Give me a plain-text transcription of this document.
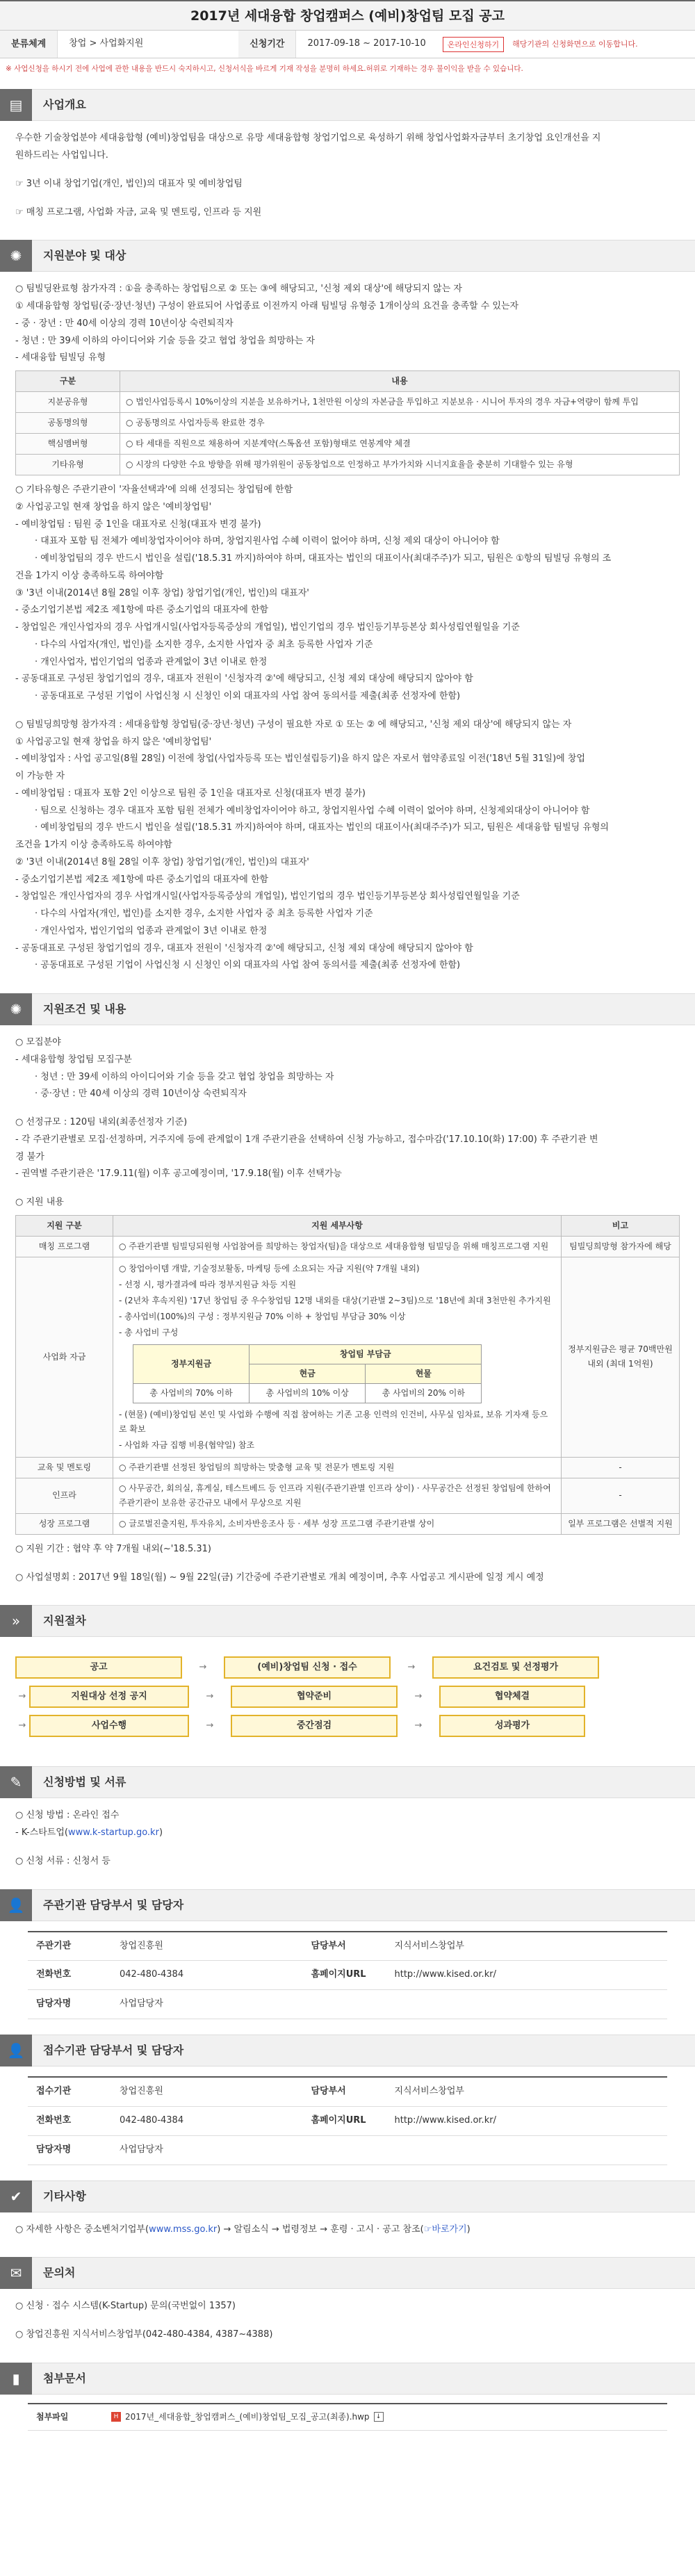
2017년 세대융합 창업캠퍼스 (예비)창업팀 모집 공고
분류체계	창업 > 사업화지원	신청기간	2017-09-18 ~ 2017-10-10	온라인신청하기	해당기관의 신청화면으로 이동합니다.
※ 사업신청을 하시기 전에 사업에 관한 내용을 반드시 숙지하시고, 신청서식을 바르게 기재 작성을 분명히 하세요.허위로 기재하는 경우 불이익을 받을 수 있습니다.
▤	사업개요

우수한 기술창업분야 세대융합형 (예비)창업팀을 대상으로 유망 세대융합형 창업기업으로 육성하기 위해 창업사업화자금부터 초기창업 요인개선을 지

원하드리는 사업입니다.

☞ 3년 이내 창업기업(개인, 법인)의 대표자 및 예비창업팀

☞ 매칭 프로그램, 사업화 자금, 교육 및 멘토링, 인프라 등 지원

✺	지원분야 및 대상

○ 팀빌딩완료형 참가자격 : ①을 충족하는 창업팀으로 ② 또는 ③에 해당되고, '신청 제외 대상'에 해당되지 않는 자

① 세대융합형 창업팀(중·장년·청년) 구성이 완료되어 사업종료 이전까지 아래 팀빌딩 유형중 1개이상의 요건을 충족할 수 있는자

- 중 · 장년 : 만 40세 이상의 경력 10년이상 숙련퇴직자

- 청년 : 만 39세 이하의 아이디어와 기술 등을 갖고 협업 창업을 희망하는 자

- 세대융합 팀빌딩 유형

구분	내용
지분공유형	○ 법인사업등록시 10%이상의 지분을 보유하거나, 1천만원 이상의 자본금을 투입하고 지분보유 · 시니어 투자의 경우 자금+역량이 함께 투입
공동명의형	○ 공동명의로 사업자등록 완료한 경우
핵심멤버형	○ 타 세대를 직원으로 채용하여 지분계약(스톡옵션 포함)형태로 연봉계약 체결
기타유형	○ 시장의 다양한 수요 방향을 위해 평가위원이 공동창업으로 인정하고 부가가치와 시너지효율을 충분히 기대할수 있는 유형

○ 기타유형은 주관기관이 '자율선택과'에 의해 선정되는 창업팀에 한함

② 사업공고일 현재 창업을 하지 않은 '예비창업팀'

- 예비창업팀 : 팀원 중 1인을 대표자로 신청(대표자 변경 불가)

· 대표자 포함 팀 전체가 예비창업자이어야 하며, 창업지원사업 수혜 이력이 없어야 하며, 신청 제외 대상이 아니어야 함

· 예비창업팀의 경우 반드시 법인을 설립('18.5.31 까지)하여야 하며, 대표자는 법인의 대표이사(최대주주)가 되고, 팀원은 ①항의 팀빌딩 유형의 조

건을 1가지 이상 충족하도록 하여야함

③ '3년 이내(2014년 8월 28일 이후 창업) 창업기업(개인, 법인)의 대표자'

- 중소기업기본법 제2조 제1항에 따른 중소기업의 대표자에 한함

- 창업일은 개인사업자의 경우 사업개시일(사업자등록증상의 개업일), 법인기업의 경우 법인등기부등본상 회사성립연월일을 기준

· 다수의 사업자(개인, 법인)를 소지한 경우, 소지한 사업자 중 최초 등록한 사업자 기준

· 개인사업자, 법인기업의 업종과 관계없이 3년 이내로 한정

- 공동대표로 구성된 창업기업의 경우, 대표자 전원이 '신청자격 ②'에 해당되고, 신청 제외 대상에 해당되지 않아야 함

· 공동대표로 구성된 기업이 사업신청 시 신청인 이외 대표자의 사업 참여 동의서를 제출(최종 선정자에 한함)

○ 팀빌딩희망형 참가자격 : 세대융합형 창업팀(중·장년·청년) 구성이 필요한 자로 ① 또는 ② 에 해당되고, '신청 제외 대상'에 해당되지 않는 자

① 사업공고일 현재 창업을 하지 않은 '예비창업팀'

- 예비창업자 : 사업 공고일(8월 28일) 이전에 창업(사업자등록 또는 법인설립등기)을 하지 않은 자로서 협약종료일 이전('18년 5월 31일)에 창업

이 가능한 자

- 예비창업팀 : 대표자 포함 2인 이상으로 팀원 중 1인을 대표자로 신청(대표자 변경 불가)

· 팀으로 신청하는 경우 대표자 포함 팀원 전체가 예비창업자이어야 하고, 창업지원사업 수혜 이력이 없어야 하며, 신청제외대상이 아니어야 함

· 예비창업팀의 경우 반드시 법인을 설립('18.5.31 까지)하여야 하며, 대표자는 법인의 대표이사(최대주주)가 되고, 팀원은 세대융합 팀빌딩 유형의

조건을 1가지 이상 충족하도록 하여야함

② '3년 이내(2014년 8월 28일 이후 창업) 창업기업(개인, 법인)의 대표자'

- 중소기업기본법 제2조 제1항에 따른 중소기업의 대표자에 한함

- 창업일은 개인사업자의 경우 사업개시일(사업자등록증상의 개업일), 법인기업의 경우 법인등기부등본상 회사성립연월일을 기준

· 다수의 사업자(개인, 법인)를 소지한 경우, 소지한 사업자 중 최초 등록한 사업자 기준

· 개인사업자, 법인기업의 업종과 관계없이 3년 이내로 한정

- 공동대표로 구성된 창업기업의 경우, 대표자 전원이 '신청자격 ②'에 해당되고, 신청 제외 대상에 해당되지 않아야 함

· 공동대표로 구성된 기업이 사업신청 시 신청인 이외 대표자의 사업 참여 동의서를 제출(최종 선정자에 한함)

✺	지원조건 및 내용

○ 모집분야

- 세대융합형 창업팀 모집구분

· 청년 : 만 39세 이하의 아이디어와 기술 등을 갖고 협업 창업을 희망하는 자

· 중·장년 : 만 40세 이상의 경력 10년이상 숙련퇴직자

○ 선정규모 : 120팀 내외(최종선정자 기준)

- 각 주관기관별로 모집·선정하며, 거주지에 등에 관계없이 1개 주관기관을 선택하여 신청 가능하고, 접수마감('17.10.10(화) 17:00) 후 주관기관 변

경 불가

- 권역별 주관기관은 '17.9.11(월) 이후 공고예정이며, '17.9.18(월) 이후 선택가능

○ 지원 내용

지원 구분	지원 세부사항	비고
매칭 프로그램	○ 주관기관별 팀빌딩되원형 사업참여를 희망하는 창업자(팀)을 대상으로 세대융합형 팀빌딩을 위해 매칭프로그램 지원	팀빌딩희망형 참가자에 해당
사업화 자금	

○ 창업아이템 개발, 기술정보활동, 마케팅 등에 소요되는 자금 지원(약 7개월 내외)

- 선정 시, 평가결과에 따라 정부지원금 차등 지원

- (2년차 후속지원) '17년 창업팀 중 우수창업팀 12명 내외를 대상(기관별 2~3팀)으로 '18년에 최대 3천만원 추가지원

- 총사업비(100%)의 구성 : 정부지원금 70% 이하 + 창업팀 부담금 30% 이상

- 총 사업비 구성

정부지원금	창업팀 부담금
현금	현물
총 사업비의 70% 이하	총 사업비의 10% 이상	총 사업비의 20% 이하

- (현물) (예비)창업팀 본인 및 사업화 수행에 직접 참여하는 기존 고용 인력의 인건비, 사무실 임차료, 보유 기자재 등으로 확보

- 사업화 자금 집행 비용(협약일) 참조

	정부지원금은 평균 70백만원 내외 (최대 1억원)
교육 및 멘토링	○ 주관기관별 선정된 창업팀의 희망하는 맞춤형 교육 및 전문가 멘토링 지원	-
인프라	○ 사무공간, 회의실, 휴게실, 테스트베드 등 인프라 지원(주관기관별 인프라 상이) · 사무공간은 선정된 창업팀에 한하여 주관기관이 보유한 공간규모 내에서 무상으로 지원	-
성장 프로그램	○ 글로벌진출지원, 투자유치, 소비자반응조사 등 · 세부 성장 프로그램 주관기관별 상이	일부 프로그램은 선별적 지원

○ 지원 기간 : 협약 후 약 7개월 내외(~'18.5.31)

○ 사업설명회 : 2017년 9월 18일(월) ~ 9월 22일(금) 기간중에 주관기관별로 개최 예정이며, 추후 사업공고 게시판에 일정 게시 예정

»	지원절차
공고	→	(예비)창업팀 신청 · 접수	→	요건검토 및 선정평가
→	지원대상 선정 공지	→	협약준비	→	협약체결
→	사업수행	→	중간점검	→	성과평가
✎	신청방법 및 서류

○ 신청 방법 : 온라인 접수

- K-스타트업(www.k-startup.go.kr)

○ 신청 서류 : 신청서 등

👤	주관기관 담당부서 및 담당자
주관기관	창업진흥원	담당부서	지식서비스창업부
전화번호	042-480-4384	홈페이지URL	http://www.kised.or.kr/
담당자명	사업담당자		
👤	접수기관 담당부서 및 담당자
접수기관	창업진흥원	담당부서	지식서비스창업부
전화번호	042-480-4384	홈페이지URL	http://www.kised.or.kr/
담당자명	사업담당자		
✔	기타사항

○ 자세한 사항은 중소벤처기업부(www.mss.go.kr) → 알림소식 → 법령정보 → 훈령 · 고시 · 공고 참조(☞바로가기)

✉	문의처

○ 신청 · 접수 시스템(K-Startup) 문의(국번없이 1357)

○ 창업진흥원 지식서비스창업부(042-480-4384, 4387~4388)

▮	첨부문서
첨부파일	H 2017년_세대융합_창업캠퍼스_(예비)창업팀_모집_공고(최종).hwp	↓
